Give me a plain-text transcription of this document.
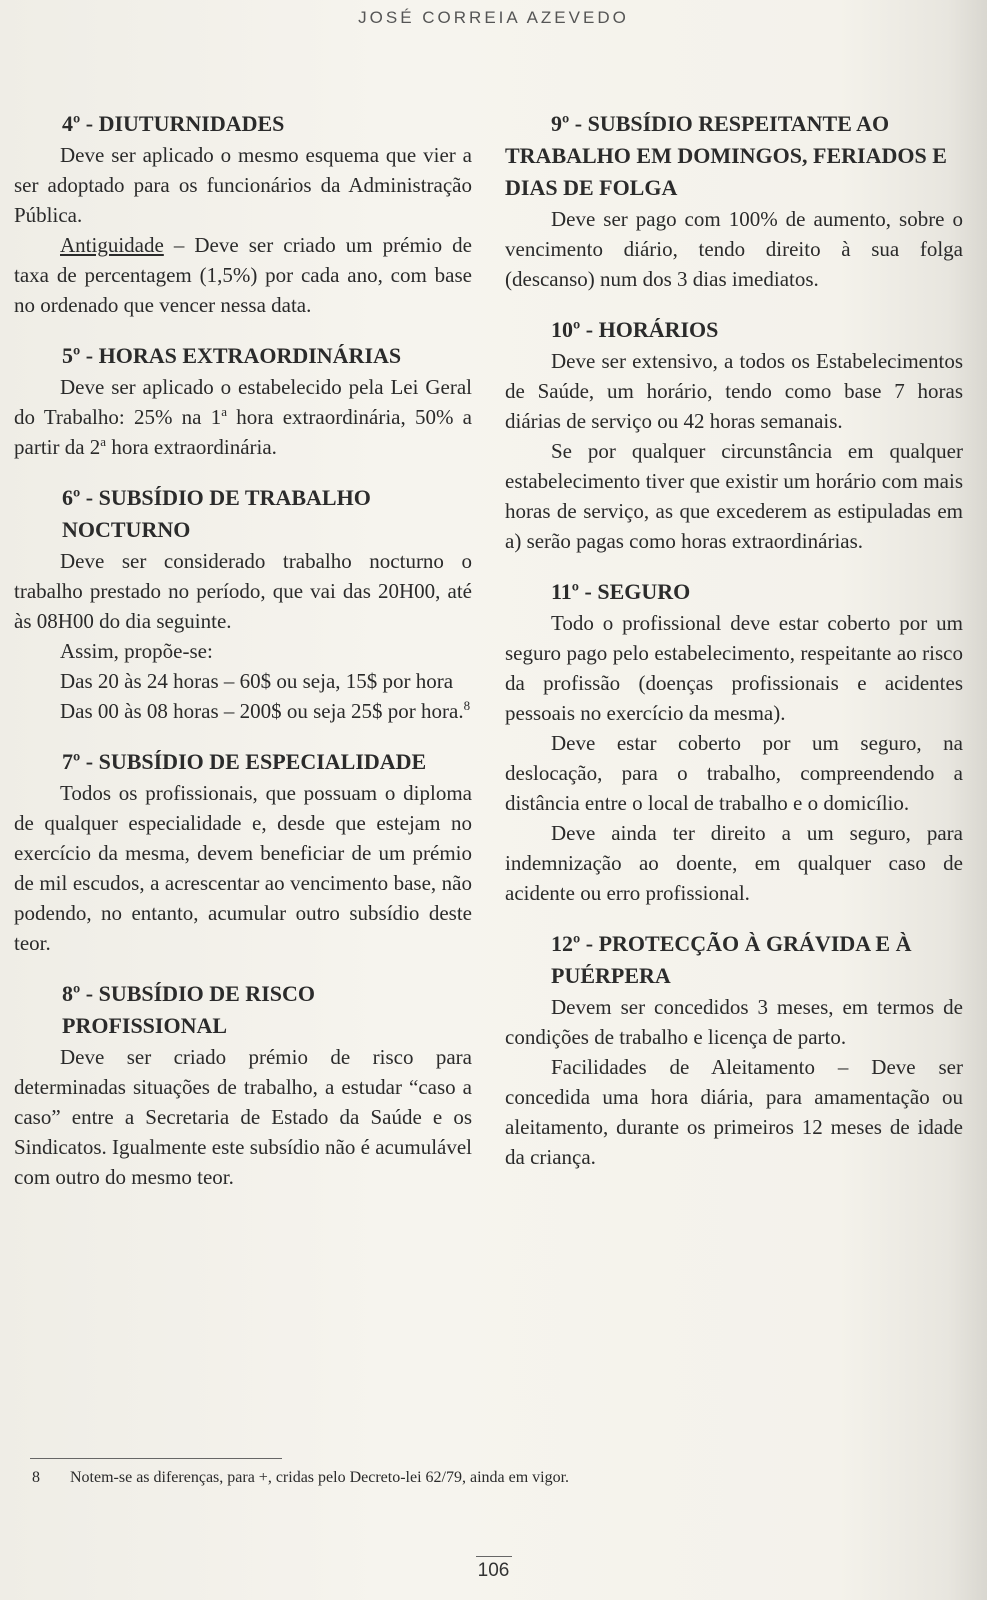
JOSÉ CORREIA AZEVEDO
4º - DIUTURNIDADES

Deve ser aplicado o mesmo esquema que vier a ser adoptado para os funcionários da Administração Pública.

Antiguidade – Deve ser criado um prémio de taxa de percentagem (1,5%) por cada ano, com base no ordenado que vencer nessa data.

5º - HORAS EXTRAORDINÁRIAS

Deve ser aplicado o estabelecido pela Lei Geral do Trabalho: 25% na 1$^a$ hora extraordinária, 50% a partir da 2$^a$ hora extraordinária.

6º - SUBSÍDIO DE TRABALHO NOCTURNO

Deve ser considerado trabalho nocturno o trabalho prestado no período, que vai das 20H00, até às 08H00 do dia seguinte.

Assim, propõe-se:

Das 20 às 24 horas – 60$ ou seja, 15$ por hora

Das 00 às 08 horas – 200$ ou seja 25$ por hora.$^8$

7º - SUBSÍDIO DE ESPECIALIDADE

Todos os profissionais, que possuam o diploma de qualquer especialidade e, desde que estejam no exercício da mesma, devem beneficiar de um prémio de mil escudos, a acrescentar ao vencimento base, não podendo, no entanto, acumular outro subsídio deste teor.

8º - SUBSÍDIO DE RISCO PROFISSIONAL

Deve ser criado prémio de risco para determinadas situações de trabalho, a estudar “caso a caso” entre a Secretaria de Estado da Saúde e os Sindicatos. Igualmente este subsídio não é acumulável com outro do mesmo teor.

9º - SUBSÍDIO RESPEITANTE AO TRABALHO EM DOMINGOS, FERIADOS E DIAS DE FOLGA

Deve ser pago com 100% de aumento, sobre o vencimento diário, tendo direito à sua folga (descanso) num dos 3 dias imediatos.

10º - HORÁRIOS

Deve ser extensivo, a todos os Estabelecimentos de Saúde, um horário, tendo como base 7 horas diárias de serviço ou 42 horas semanais.

Se por qualquer circunstância em qualquer estabelecimento tiver que existir um horário com mais horas de serviço, as que excederem as estipuladas em a) serão pagas como horas extraordinárias.

11º - SEGURO

Todo o profissional deve estar coberto por um seguro pago pelo estabelecimento, respeitante ao risco da profissão (doenças profissionais e acidentes pessoais no exercício da mesma).

Deve estar coberto por um seguro, na deslocação, para o trabalho, compreendendo a distância entre o local de trabalho e o domicílio.

Deve ainda ter direito a um seguro, para indemnização ao doente, em qualquer caso de acidente ou erro profissional.

12º - PROTECÇÃO À GRÁVIDA E À PUÉRPERA

Devem ser concedidos 3 meses, em termos de condições de trabalho e licença de parto.

Facilidades de Aleitamento – Deve ser concedida uma hora diária, para amamentação ou aleitamento, durante os primeiros 12 meses de idade da criança.

8 Notem-se as diferenças, para +, cridas pelo Decreto-lei 62/79, ainda em vigor.
106
